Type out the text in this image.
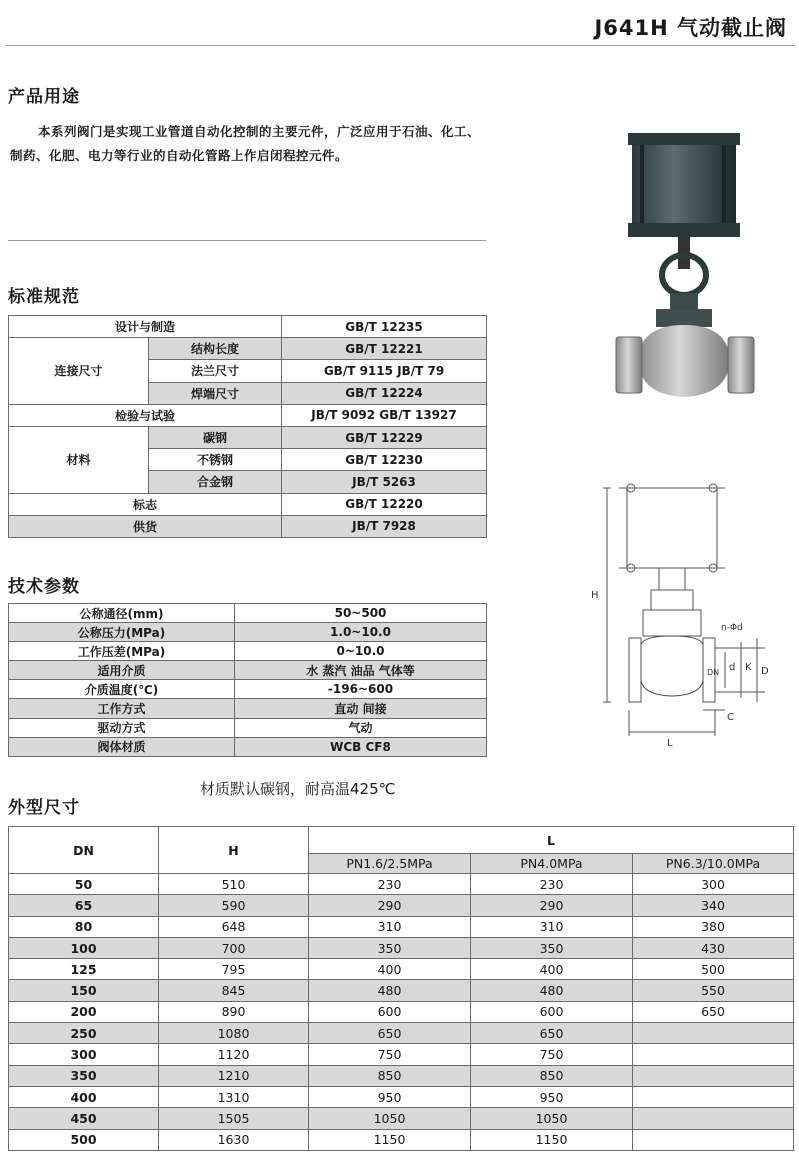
J641H 气动截止阀
产品用途
本系列阀门是实现工业管道自动化控制的主要元件，广泛应用于石油、化工、制药、化肥、电力等行业的自动化管路上作启闭程控元件。
标准规范
设计与制造		GB/T 12235
连接尺寸	结构长度	GB/T 12221
	法兰尺寸	GB/T 9115 JB/T 79
	焊端尺寸	GB/T 12224
检验与试验		JB/T 9092 GB/T 13927
材料	碳钢	GB/T 12229
	不锈钢	GB/T 12230
	合金钢	JB/T 5263
标志		GB/T 12220
供货		JB/T 7928
技术参数
公称通径(mm)	50~500
公称压力(MPa)	1.0~10.0
工作压差(MPa)	0~10.0
适用介质	水 蒸汽 油品 气体等
介质温度(℃)	-196~600
工作方式	直动 间接
驱动方式	气动
阀体材质	WCB CF8
外型尺寸
材质默认碳钢，耐高温425℃
DN	H	L		
		PN1.6/2.5MPa	PN4.0MPa	PN6.3/10.0MPa
50	510	230	230	300
65	590	290	290	340
80	648	310	310	380
100	700	350	350	430
125	795	400	400	500
150	845	480	480	550
200	890	600	600	650
250	1080	650	650	
300	1120	750	750	
350	1210	850	850	
400	1310	950	950	
450	1505	1050	1050	
500	1630	1150	1150	
H
L
D
K
d
DN
C
n-Φd
